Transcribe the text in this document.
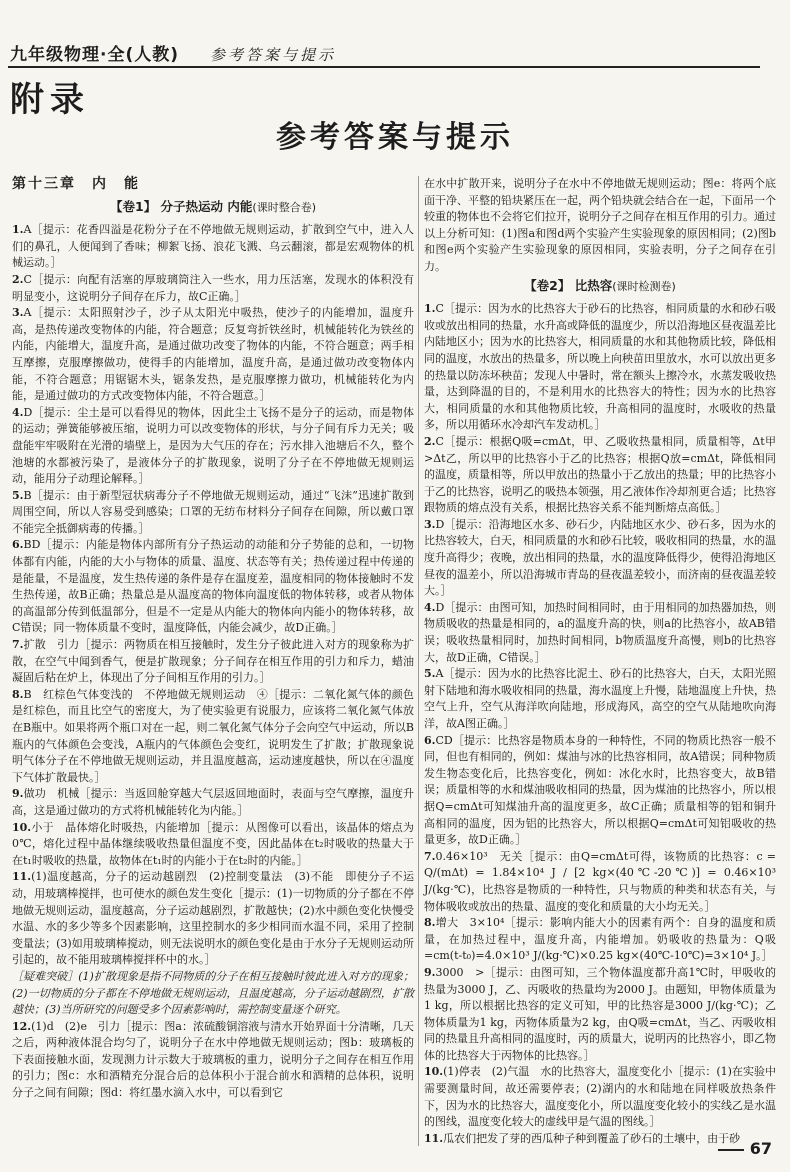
九年级物理·全(人教) 参考答案与提示
附录
参考答案与提示
第十三章　内　能
【卷1】 分子热运动 内能(课时整合卷)

1.A［提示：花香四溢是花粉分子在不停地做无规则运动，扩散到空气中，进入人们的鼻孔，人便闻到了香味；柳絮飞扬、浪花飞溅、乌云翻滚，都是宏观物体的机械运动。］

2.C［提示：向配有活塞的厚玻璃筒注入一些水，用力压活塞，发现水的体积没有明显变小，这说明分子间存在斥力，故C正确。］

3.A［提示：太阳照射沙子，沙子从太阳光中吸热，使沙子的内能增加，温度升高，是热传递改变物体的内能，符合题意；反复弯折铁丝时，机械能转化为铁丝的内能，内能增大，温度升高，是通过做功改变了物体的内能，不符合题意；两手相互摩擦，克服摩擦做功，使得手的内能增加，温度升高，是通过做功改变物体内能，不符合题意；用锯锯木头，锯条发热，是克服摩擦力做功，机械能转化为内能，是通过做功的方式改变物体内能，不符合题意。］

4.D［提示：尘土是可以看得见的物体，因此尘土飞扬不是分子的运动，而是物体的运动；弹簧能够被压缩，说明力可以改变物体的形状，与分子间有斥力无关；吸盘能牢牢吸附在光滑的墙壁上，是因为大气压的存在；污水排入池塘后不久，整个池塘的水都被污染了，是液体分子的扩散现象，说明了分子在不停地做无规则运动，能用分子动理论解释。］

5.B［提示：由于新型冠状病毒分子不停地做无规则运动，通过“飞沫”迅速扩散到周围空间，所以人容易受到感染；口罩的无纺布材料分子间存在间隙，所以戴口罩不能完全抵御病毒的传播。］

6.BD［提示：内能是物体内部所有分子热运动的动能和分子势能的总和，一切物体都有内能，内能的大小与物体的质量、温度、状态等有关；热传递过程中传递的是能量，不是温度，发生热传递的条件是存在温度差，温度相同的物体接触时不发生热传递，故B正确；热量总是从温度高的物体向温度低的物体转移，或者从物体的高温部分传到低温部分，但是不一定是从内能大的物体向内能小的物体转移，故C错误；同一物体质量不变时，温度降低，内能会减少，故D正确。］

7.扩散　引力［提示：两物质在相互接触时，发生分子彼此进入对方的现象称为扩散，在空气中闻到香气，便是扩散现象；分子间存在相互作用的引力和斥力，蜡油凝固后粘在炉上，体现出了分子间相互作用的引力。］

8.B　红棕色气体变浅的　不停地做无规则运动　④［提示：二氧化氮气体的颜色是红棕色，而且比空气的密度大，为了使实验更有说服力，应该将二氧化氮气体放在B瓶中。如果将两个瓶口对在一起，则二氧化氮气体分子会向空气中运动，所以B瓶内的气体颜色会变浅，A瓶内的气体颜色会变红，说明发生了扩散；扩散现象说明气体分子在不停地做无规则运动，并且温度越高，运动速度越快，所以在④温度下气体扩散最快。］

9.做功　机械［提示：当返回舱穿越大气层返回地面时，表面与空气摩擦，温度升高，这是通过做功的方式将机械能转化为内能。］

10.小于　晶体熔化时吸热，内能增加［提示：从图像可以看出，该晶体的熔点为0℃，熔化过程中晶体继续吸收热量但温度不变，因此晶体在t₂时吸收的热量大于在t₁时吸收的热量，故物体在t₁时的内能小于在t₂时的内能。］

11.(1)温度越高，分子的运动越剧烈　(2)控制变量法　(3)不能　即使分子不运动，用玻璃棒搅拌，也可使水的颜色发生变化［提示：(1)一切物质的分子都在不停地做无规则运动，温度越高，分子运动越剧烈，扩散越快；(2)水中颜色变化快慢受水温、水的多少等多个因素影响，这里控制水的多少相同而水温不同，采用了控制变量法；(3)如用玻璃棒搅动，则无法说明水的颜色变化是由于水分子无规则运动所引起的，故不能用玻璃棒搅拌杯中的水。］

［疑难突破］(1)扩散现象是指不同物质的分子在相互接触时彼此进入对方的现象；(2)一切物质的分子都在不停地做无规则运动，且温度越高，分子运动越剧烈，扩散越快；(3)当所研究的问题受多个因素影响时，需控制变量逐个研究。

12.(1)d　(2)e　引力［提示：图a：浓硫酸铜溶液与清水开始界面十分清晰，几天之后，两种液体混合均匀了，说明分子在水中停地做无规则运动；图b：玻璃板的下表面接触水面，发现测力计示数大于玻璃板的重力，说明分子之间存在相互作用的引力；图c：水和酒精充分混合后的总体积小于混合前水和酒精的总体积，说明分子之间有间隙；图d：将红墨水滴入水中，可以看到它

在水中扩散开来，说明分子在水中不停地做无规则运动；图e：将两个底面干净、平整的铅块紧压在一起，两个铅块就会结合在一起，下面吊一个较重的物体也不会将它们拉开，说明分子之间存在相互作用的引力。通过以上分析可知：(1)图a和图d两个实验产生实验现象的原因相同；(2)图b和图e两个实验产生实验现象的原因相同，实验表明，分子之间存在引力。

【卷2】 比热容(课时检测卷)

1.C［提示：因为水的比热容大于砂石的比热容，相同质量的水和砂石吸收或放出相同的热量，水升高或降低的温度少，所以沿海地区昼夜温差比内陆地区小；因为水的比热容大，相同质量的水和其他物质比较，降低相同的温度，水放出的热量多，所以晚上向秧苗田里放水，水可以放出更多的热量以防冻坏秧苗；发现人中暑时，常在额头上擦冷水，水蒸发吸收热量，达到降温的目的，不是利用水的比热容大的特性；因为水的比热容大，相同质量的水和其他物质比较，升高相同的温度时，水吸收的热量多，所以用循环水冷却汽车发动机。］

2.C［提示：根据Q吸=cmΔt，甲、乙吸收热量相同，质量相等，Δt甲>Δt乙，所以甲的比热容小于乙的比热容；根据Q放=cmΔt，降低相同的温度，质量相等，所以甲放出的热量小于乙放出的热量；甲的比热容小于乙的比热容，说明乙的吸热本领强，用乙液体作冷却剂更合适；比热容跟物质的熔点没有关系，根据比热容关系不能判断熔点高低。］

3.D［提示：沿海地区水多、砂石少，内陆地区水少、砂石多，因为水的比热容较大，白天，相同质量的水和砂石比较，吸收相同的热量，水的温度升高得少；夜晚，放出相同的热量，水的温度降低得少，使得沿海地区昼夜的温差小，所以沿海城市青岛的昼夜温差较小，而济南的昼夜温差较大。］

4.D［提示：由图可知，加热时间相同时，由于用相同的加热器加热，则物质吸收的热量是相同的，a的温度升高的快，则a的比热容小，故AB错误；吸收热量相同时，加热时间相同，b物质温度升高慢，则b的比热容大，故D正确，C错误。］

5.A［提示：因为水的比热容比泥土、砂石的比热容大，白天，太阳光照射下陆地和海水吸收相同的热量，海水温度上升慢，陆地温度上升快，热空气上升，空气从海洋吹向陆地，形成海风，高空的空气从陆地吹向海洋，故A图正确。］

6.CD［提示：比热容是物质本身的一种特性，不同的物质比热容一般不同，但也有相同的，例如：煤油与冰的比热容相同，故A错误；同种物质发生物态变化后，比热容变化，例如：冰化水时，比热容变大，故B错误；质量相等的水和煤油吸收相同的热量，因为煤油的比热容小，所以根据Q=cmΔt可知煤油升高的温度更多，故C正确；质量相等的铝和铜升高相同的温度，因为铝的比热容大，所以根据Q=cmΔt可知铝吸收的热量更多，故D正确。］

7.0.46×10³　无关［提示：由Q=cmΔt可得，该物质的比热容：c = Q/(mΔt) = 1.84×10⁴ J / [2 kg×(40℃-20℃)] = 0.46×10³ J/(kg·℃)，比热容是物质的一种特性，只与物质的种类和状态有关，与物体吸收或放出的热量、温度的变化和质量的大小均无关。］

8.增大　3×10⁴［提示：影响内能大小的因素有两个：自身的温度和质量，在加热过程中，温度升高，内能增加。奶吸收的热量为：Q吸=cm(t-t₀)=4.0×10³ J/(kg·℃)×0.25 kg×(40℃-10℃)=3×10⁴ J。］

9.3000　>［提示：由图可知，三个物体温度都升高1℃时，甲吸收的热量为3000 J，乙、丙吸收的热量均为2000 J。由题知，甲物体质量为1 kg，所以根据比热容的定义可知，甲的比热容是3000 J/(kg·℃)；乙物体质量为1 kg，丙物体质量为2 kg，由Q吸=cmΔt，当乙、丙吸收相同的热量且升高相同的温度时，丙的质量大，说明丙的比热容小，即乙物体的比热容大于丙物体的比热容。］

10.(1)停表　(2)气温　水的比热容大，温度变化小［提示：(1)在实验中需要测量时间，故还需要停表；(2)湖内的水和陆地在同样吸放热条件下，因为水的比热容大，温度变化小，所以温度变化较小的实线乙是水温的图线，温度变化较大的虚线甲是气温的图线。］

11.瓜农们把发了芽的西瓜种子种到覆盖了砂石的土壤中，由于砂

67
